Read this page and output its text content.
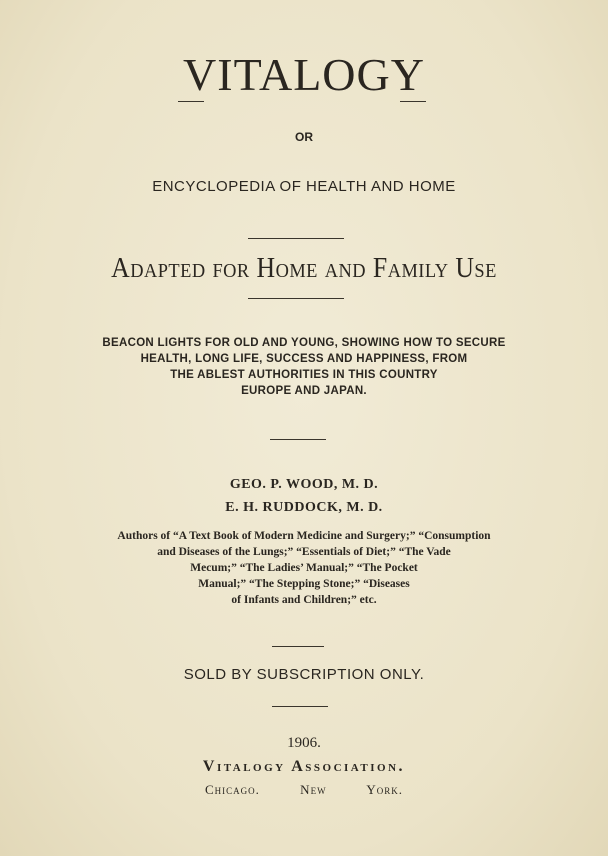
VITALOGY
OR
ENCYCLOPEDIA OF HEALTH AND HOME
Adapted for Home and Family Use
BEACON LIGHTS FOR OLD AND YOUNG, SHOWING HOW TO SECURE
HEALTH, LONG LIFE, SUCCESS AND HAPPINESS, FROM
THE ABLEST AUTHORITIES IN THIS COUNTRY
EUROPE AND JAPAN.
GEO. P. WOOD, M. D.
E. H. RUDDOCK, M. D.
Authors of “A Text Book of Modern Medicine and Surgery;” “Consumption
and Diseases of the Lungs;” “Essentials of Diet;” “The Vade
Mecum;” “The Ladies’ Manual;” “The Pocket
Manual;” “The Stepping Stone;” “Diseases
of Infants and Children;” etc.
SOLD BY SUBSCRIPTION ONLY.
1906.
Vitalogy Association.
Chicago. New York.
